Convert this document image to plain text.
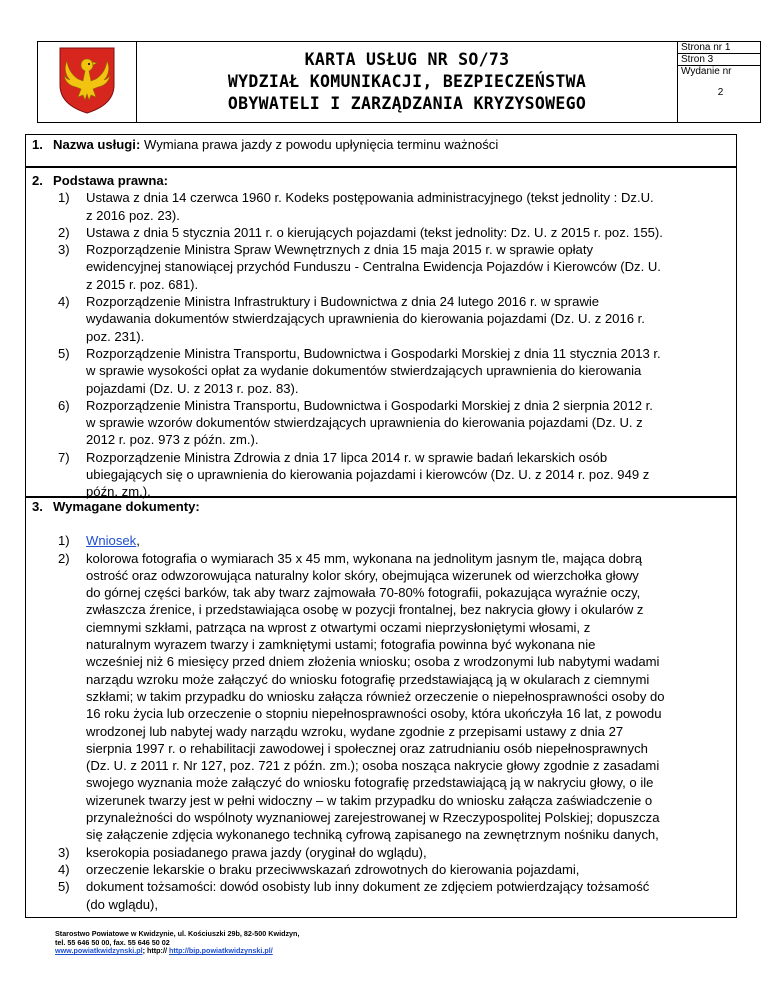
KARTA USŁUG NR SO/73
WYDZIAŁ KOMUNIKACJI, BEZPIECZEŃSTWA
OBYWATELI I ZARZĄDZANIA KRYZYSOWEGO

Strona nr 1
Stron 3
Wydanie nr
2
1. Nazwa usługi: Wymiana prawa jazdy z powodu upłynięcia terminu ważności
2. Podstawa prawna:
1) Ustawa z dnia 14 czerwca 1960 r. Kodeks postępowania administracyjnego (tekst jednolity : Dz.U.
z 2016 poz. 23).
2) Ustawa z dnia 5 stycznia 2011 r. o kierujących pojazdami (tekst jednolity: Dz. U. z 2015 r. poz. 155).
3) Rozporządzenie Ministra Spraw Wewnętrznych z dnia 15 maja 2015 r. w sprawie opłaty
ewidencyjnej stanowiącej przychód Funduszu - Centralna Ewidencja Pojazdów i Kierowców (Dz. U.
z 2015 r. poz. 681).
4) Rozporządzenie Ministra Infrastruktury i Budownictwa z dnia 24 lutego 2016 r. w sprawie
wydawania dokumentów stwierdzających uprawnienia do kierowania pojazdami (Dz. U. z 2016 r.
poz. 231).
5) Rozporządzenie Ministra Transportu, Budownictwa i Gospodarki Morskiej z dnia 11 stycznia 2013 r.
w sprawie wysokości opłat za wydanie dokumentów stwierdzających uprawnienia do kierowania
pojazdami (Dz. U. z 2013 r. poz. 83).
6) Rozporządzenie Ministra Transportu, Budownictwa i Gospodarki Morskiej z dnia 2 sierpnia 2012 r.
w sprawie wzorów dokumentów stwierdzających uprawnienia do kierowania pojazdami (Dz. U. z
2012 r. poz. 973 z późn. zm.).
7) Rozporządzenie Ministra Zdrowia z dnia 17 lipca 2014 r. w sprawie badań lekarskich osób
ubiegających się o uprawnienia do kierowania pojazdami i kierowców (Dz. U. z 2014 r. poz. 949 z
późn. zm.).
3. Wymagane dokumenty:
1) Wniosek,
2) kolorowa fotografia o wymiarach 35 x 45 mm, wykonana na jednolitym jasnym tle, mająca dobrą
ostrość oraz odwzorowująca naturalny kolor skóry, obejmująca wizerunek od wierzchołka głowy
do górnej części barków, tak aby twarz zajmowała 70-80% fotografii, pokazująca wyraźnie oczy,
zwłaszcza źrenice, i przedstawiająca osobę w pozycji frontalnej, bez nakrycia głowy i okularów z
ciemnymi szkłami, patrząca na wprost z otwartymi oczami nieprzysłoniętymi włosami, z
naturalnym wyrazem twarzy i zamkniętymi ustami; fotografia powinna być wykonana nie
wcześniej niż 6 miesięcy przed dniem złożenia wniosku; osoba z wrodzonymi lub nabytymi wadami
narządu wzroku może załączyć do wniosku fotografię przedstawiającą ją w okularach z ciemnymi
szkłami; w takim przypadku do wniosku załącza również orzeczenie o niepełnosprawności osoby do
16 roku życia lub orzeczenie o stopniu niepełnosprawności osoby, która ukończyła 16 lat, z powodu
wrodzonej lub nabytej wady narządu wzroku, wydane zgodnie z przepisami ustawy z dnia 27
sierpnia 1997 r. o rehabilitacji zawodowej i społecznej oraz zatrudnianiu osób niepełnosprawnych
(Dz. U. z 2011 r. Nr 127, poz. 721 z późn. zm.); osoba nosząca nakrycie głowy zgodnie z zasadami
swojego wyznania może załączyć do wniosku fotografię przedstawiającą ją w nakryciu głowy, o ile
wizerunek twarzy jest w pełni widoczny – w takim przypadku do wniosku załącza zaświadczenie o
przynależności do wspólnoty wyznaniowej zarejestrowanej w Rzeczypospolitej Polskiej; dopuszcza
się załączenie zdjęcia wykonanego techniką cyfrową zapisanego na zewnętrznym nośniku danych,
3) kserokopia posiadanego prawa jazdy (oryginał do wglądu),
4) orzeczenie lekarskie o braku przeciwwskazań zdrowotnych do kierowania pojazdami,
5) dokument tożsamości: dowód osobisty lub inny dokument ze zdjęciem potwierdzający tożsamość
(do wglądu),
Starostwo Powiatowe w Kwidzynie, ul. Kościuszki 29b, 82-500 Kwidzyn,
tel. 55 646 50 00, fax. 55 646 50 02
www.powiatkwidzynski.pl; http:// http://bip.powiatkwidzynski.pl/
